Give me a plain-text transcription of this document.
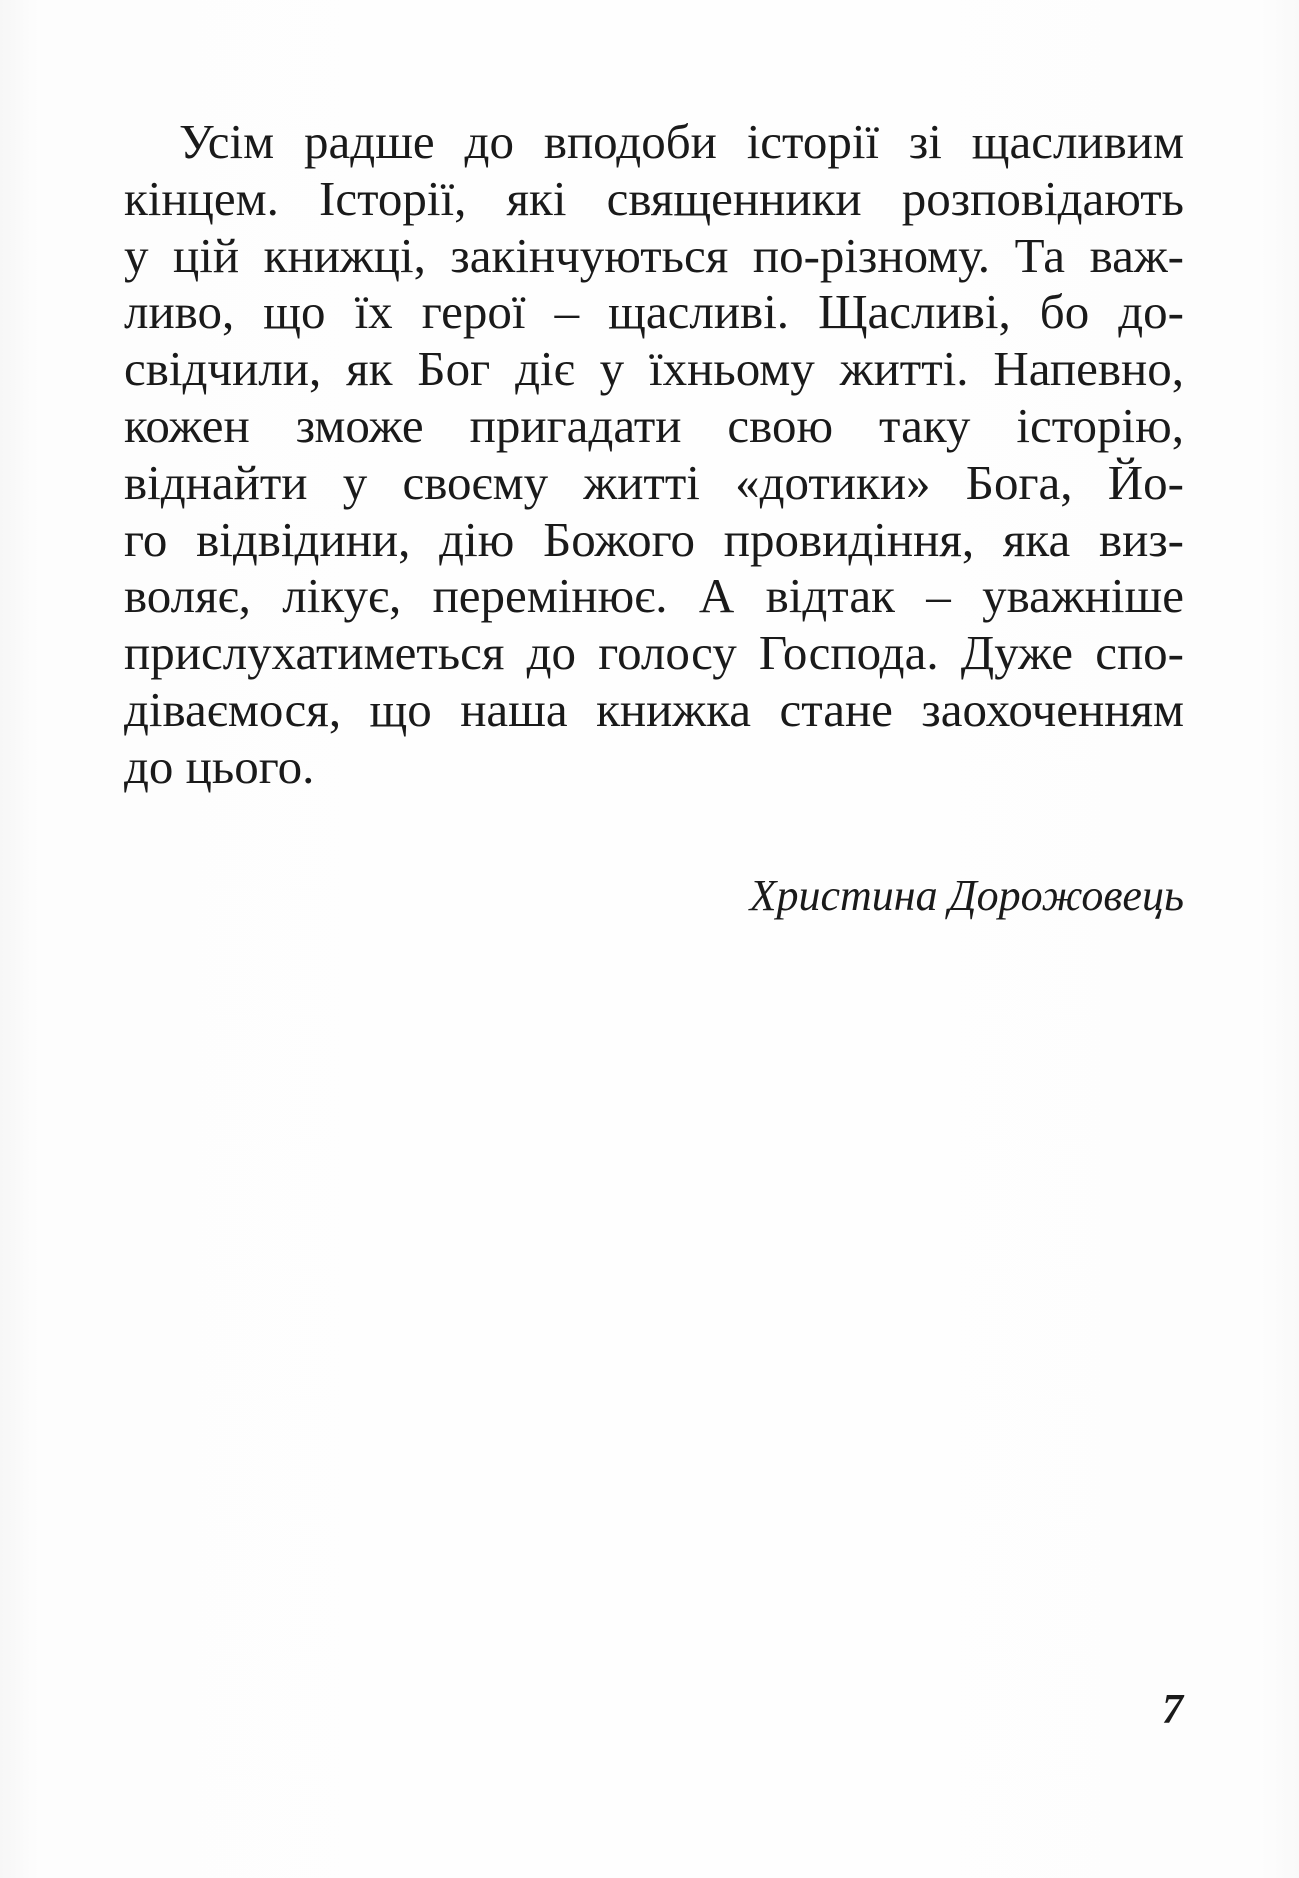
Усім радше до вподоби історії зі щасливим
кінцем. Історії, які священники розповідають
у цій книжці, закінчуються по-різному. Та важ-
ливо, що їх герої – щасливі. Щасливі, бо до-
свідчили, як Бог діє у їхньому житті. Напевно,
кожен зможе пригадати свою таку історію,
віднайти у своєму житті «дотики» Бога, Йо-
го відвідини, дію Божого провидіння, яка виз-
воляє, лікує, перемінює. А відтак – уважніше
прислухатиметься до голосу Господа. Дуже спо-
діваємося, що наша книжка стане заохоченням
до цього.
Христина Дорожовець
7
